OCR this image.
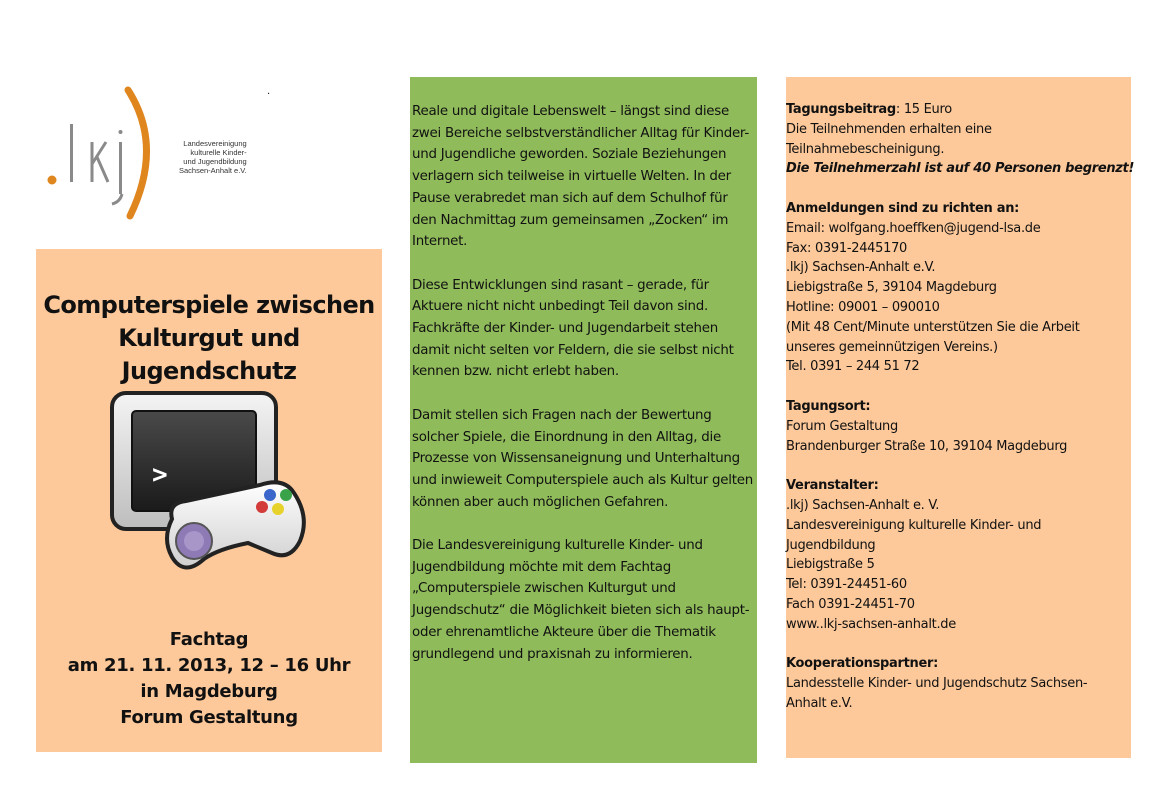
Landesvereinigung
kulturelle Kinder-
und Jugendbildung
Sachsen-Anhalt e.V.
.
Computerspiele zwischen
Kulturgut und Jugendschutz
>
Fachtag
am 21. 11. 2013, 12 – 16 Uhr
in Magdeburg
Forum Gestaltung

Reale und digitale Lebenswelt – längst sind diese zwei Bereiche selbstverständlicher Alltag für Kinder- und Jugendliche geworden. Soziale Beziehungen verlagern sich teilweise in virtuelle Welten. In der Pause verabredet man sich auf dem Schulhof für den Nachmittag zum gemeinsamen „Zocken“ im Internet.

Diese Entwicklungen sind rasant – gerade, für Aktuere nicht nicht unbedingt Teil davon sind. Fachkräfte der Kinder- und Jugendarbeit stehen damit nicht selten vor Feldern, die sie selbst nicht kennen bzw. nicht erlebt haben.

Damit stellen sich Fragen nach der Bewertung solcher Spiele, die Einordnung in den Alltag, die Prozesse von Wissensaneignung und Unterhaltung und inwieweit Computerspiele auch als Kultur gelten können aber auch möglichen Gefahren.

Die Landesvereinigung kulturelle Kinder- und Jugendbildung möchte mit dem Fachtag „Computerspiele zwischen Kulturgut und Jugendschutz“ die Möglichkeit bieten sich als haupt- oder ehrenamtliche Akteure über die Thematik grundlegend und praxisnah zu informieren.

Tagungsbeitrag: 15 Euro
Die Teilnehmenden erhalten eine
Teilnahmebescheinigung.
Die Teilnehmerzahl ist auf 40 Personen begrenzt!
Anmeldungen sind zu richten an:
Email: wolfgang.hoeffken@jugend-lsa.de
Fax: 0391-2445170
.lkj) Sachsen-Anhalt e.V.
Liebigstraße 5, 39104 Magdeburg
Hotline: 09001 – 090010
(Mit 48 Cent/Minute unterstützen Sie die Arbeit
unseres gemeinnützigen Vereins.)
Tel. 0391 – 244 51 72
Tagungsort:
Forum Gestaltung
Brandenburger Straße 10, 39104 Magdeburg
Veranstalter:
.lkj) Sachsen-Anhalt e. V.
Landesvereinigung kulturelle Kinder- und
Jugendbildung
Liebigstraße 5
Tel: 0391-24451-60
Fach 0391-24451-70
www..lkj-sachsen-anhalt.de
Kooperationspartner:
Landesstelle Kinder- und Jugendschutz Sachsen-
Anhalt e.V.
